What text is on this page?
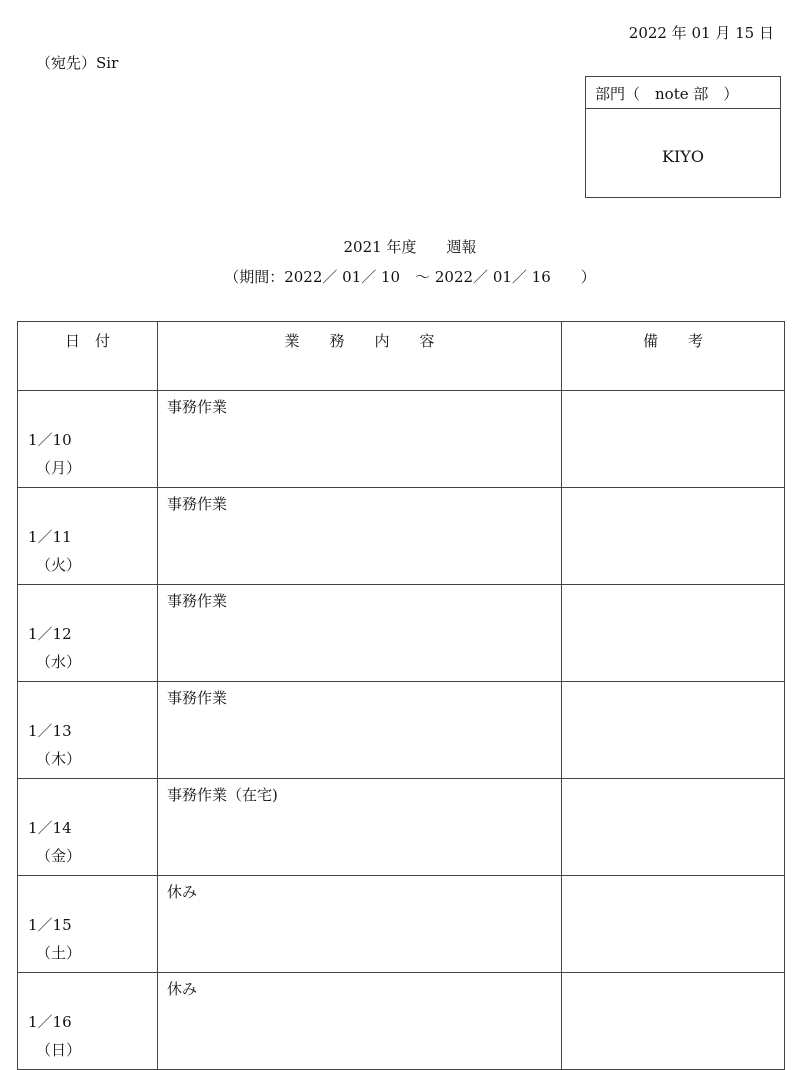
2022 年 01 月 15 日
（宛先）Sir
部門（　note 部　）
KIYO
2021 年度　　週報
（期間：2022／ 01／ 10　～ 2022／ 01／ 16　　）
日　付	業　　務　　内　　容	備　　考

1／10
（月）	事務作業	

1／11
（火）	事務作業	

1／12
（水）	事務作業	

1／13
（木）	事務作業	

1／14
（金）	事務作業（在宅)	

1／15
（土）	休み	

1／16
（日）	休み	
